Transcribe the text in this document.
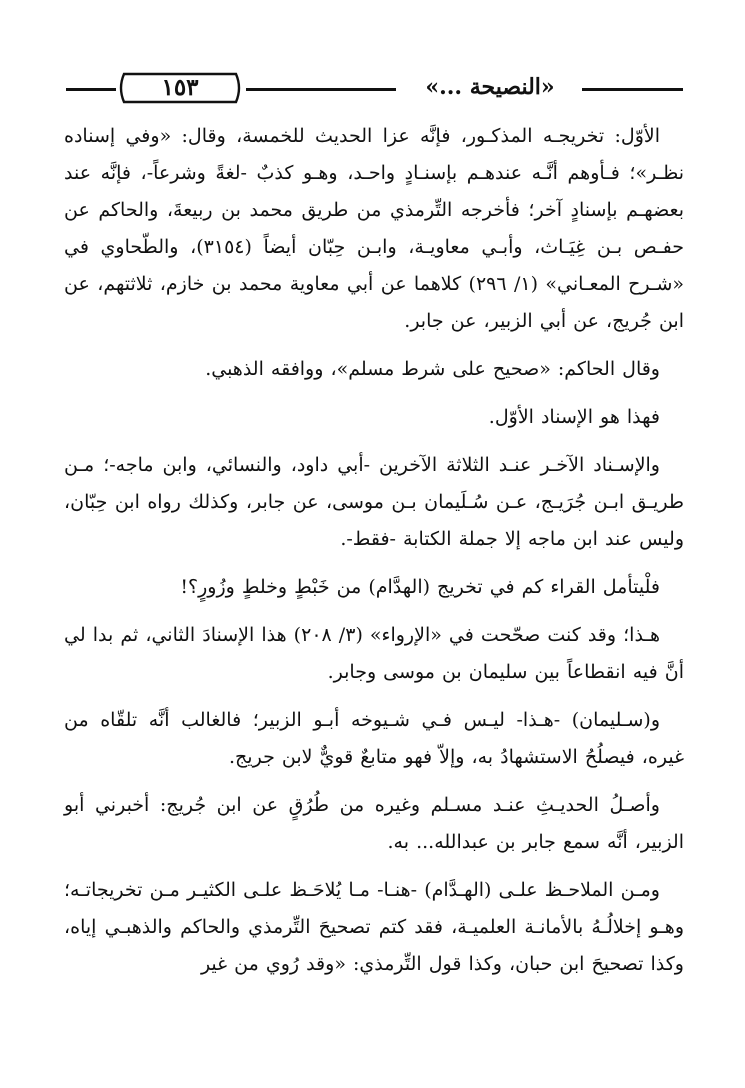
١٥٣	«النصيحة ...»

الأوّل: تخريجـه المذكـور، فإنَّه عزا الحديث للخمسة، وقال: «وفي إسناده نظـر»؛ فـأوهم أنَّـه عندهـم بإسنـادٍ واحـد، وهـو كذبٌ -لغةً وشرعاً-، فإنَّه عند بعضهـم بإسنادٍ آخر؛ فأخرجه التِّرمذي من طريق محمد بن ربيعةَ، والحاكم عن حفـص بـن غِيَـاث، وأبـي معاويـة، وابـن حِبّان أيضاً (٣١٥٤)، والطّحاوي في «شـرح المعـاني» (١/ ٢٩٦) كلاهما عن أبي معاوية محمد بن خازم، ثلاثتهم، عن ابن جُريج، عن أبي الزبير، عن جابر.

وقال الحاكم: «صحيح على شرط مسلم»، ووافقه الذهبي.

فهذا هو الإسناد الأوّل.

والإسـناد الآخـر عنـد الثلاثة الآخرين -أبي داود، والنسائي، وابن ماجه-؛ مـن طريـق ابـن جُرَيـج، عـن سُـلَيمان بـن موسى، عن جابر، وكذلك رواه ابن حِبّان، وليس عند ابن ماجه إلا جملة الكتابة -فقط-.

فلْيتأمل القراء كم في تخريج (الهدَّام) من خَبْطٍ وخلطٍ وزُورٍ؟!

هـذا؛ وقد كنت صحّحت في «الإرواء» (٣/ ٢٠٨) هذا الإسنادَ الثاني، ثم بدا لي أنَّ فيه انقطاعاً بين سليمان بن موسى وجابر.

و(سـليمان) -هـذا- ليـس فـي شـيوخه أبـو الزبير؛ فالغالب أنَّه تلقّاه من غيره، فيصلُحُ الاستشهادُ به، وإلاّ فهو متابعٌ قويٌّ لابن جريج.

وأصـلُ الحديـثِ عنـد مسـلم وغيره من طُرُقٍ عن ابن جُريج: أخبرني أبو الزبير، أنَّه سمع جابر بن عبدالله... به.

ومـن الملاحـظ علـى (الهـدَّام) -هنـا- مـا يُلاحَـظ علـى الكثيـر مـن تخريجاتـه؛ وهـو إخلالُـهُ بالأمانـة العلميـة، فقد كتم تصحيحَ التِّرمذي والحاكم والذهبـي إياه، وكذا تصحيحَ ابن حبان، وكذا قول التِّرمذي: «وقد رُوي من غير
